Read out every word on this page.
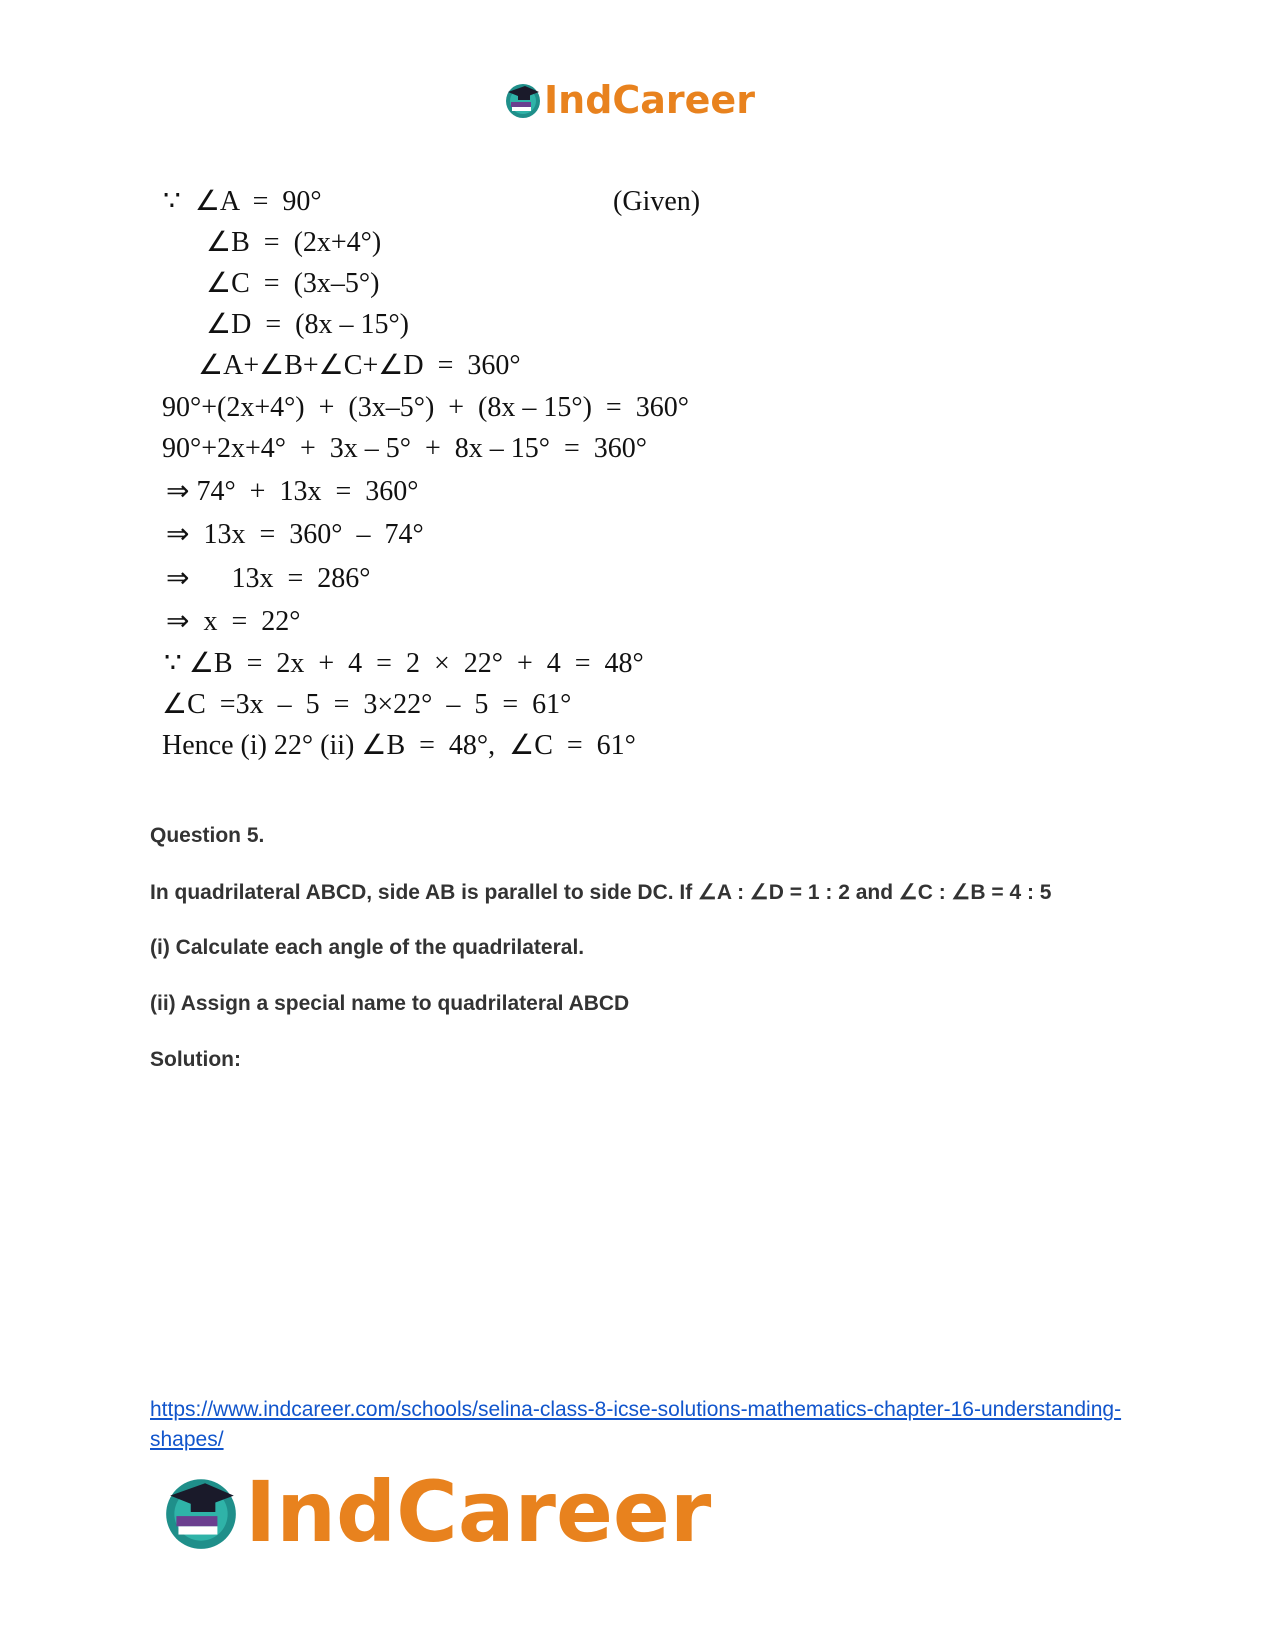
IndCareer
∵  ∠A  =  90°	(Given)
∠B  =  (2x+4°)
∠C  =  (3x–5°)
∠D  =  (8x – 15°)
∠A+∠B+∠C+∠D  =  360°
90°+(2x+4°)  +  (3x–5°)  +  (8x – 15°)  =  360°
90°+2x+4°  +  3x – 5°  +  8x – 15°  =  360°
⇒ 74°  +  13x  =  360°
⇒  13x  =  360°  –  74°
⇒      13x  =  286°
⇒  x  =  22°
∵ ∠B  =  2x  +  4  =  2  ×  22°  +  4  =  48°
∠C  =3x  –  5  =  3×22°  –  5  =  61°
Hence (i) 22° (ii) ∠B  =  48°,  ∠C  =  61°
Question 5.
In quadrilateral ABCD, side AB is parallel to side DC. If ∠A : ∠D = 1 : 2 and ∠C : ∠B = 4 : 5
(i) Calculate each angle of the quadrilateral.
(ii) Assign a special name to quadrilateral ABCD
Solution:
https://www.indcareer.com/schools/selina-class-8-icse-solutions-mathematics-chapter-16-understanding-shapes/
IndCareer
